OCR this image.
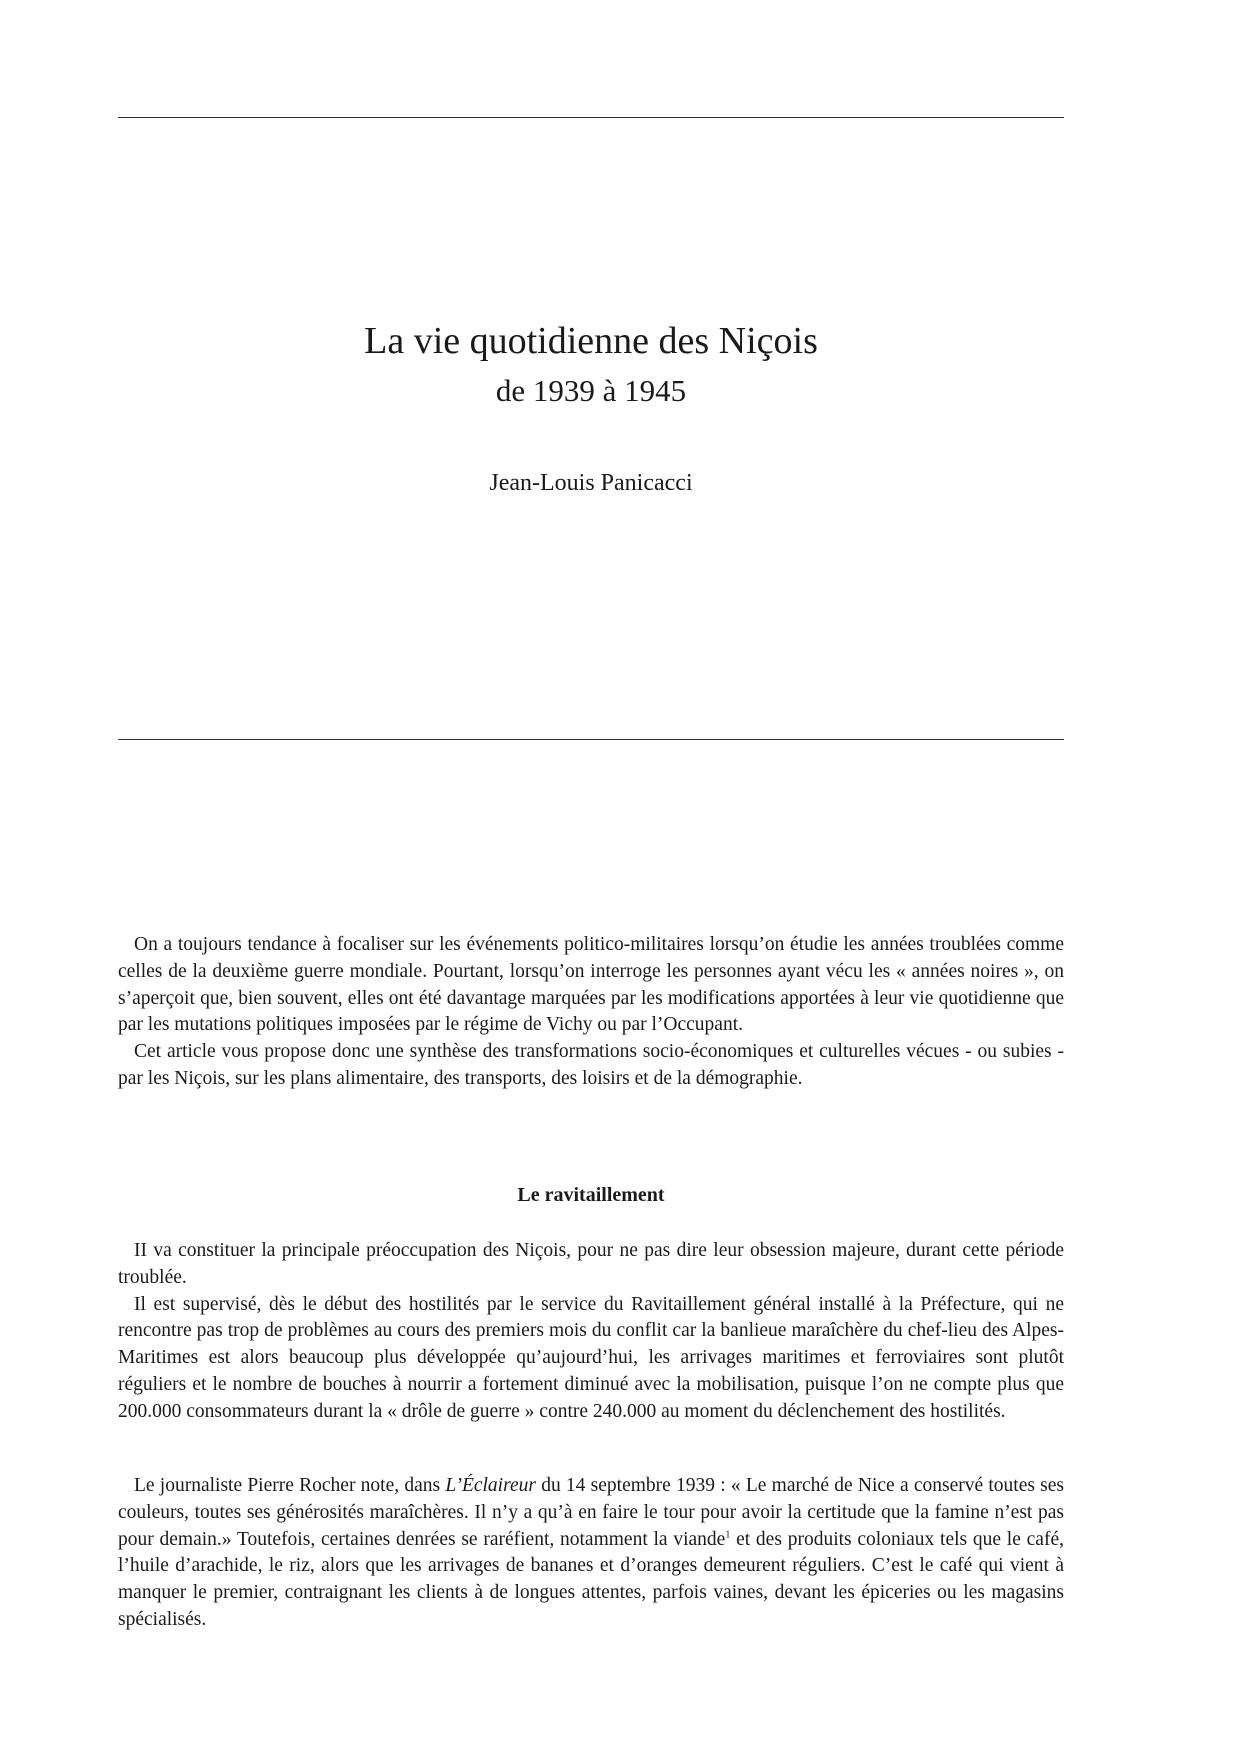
La vie quotidienne des Niçois
de 1939 à 1945
Jean-Louis Panicacci

On a toujours tendance à focaliser sur les événements politico-militaires lorsqu’on étudie les années troublées comme celles de la deuxième guerre mondiale. Pourtant, lorsqu’on interroge les personnes ayant vécu les « années noires », on s’aperçoit que, bien souvent, elles ont été davantage marquées par les modifications apportées à leur vie quotidienne que par les mutations politiques imposées par le régime de Vichy ou par l’Occupant.

Cet article vous propose donc une synthèse des transformations socio-économiques et culturelles vécues - ou subies - par les Niçois, sur les plans alimentaire, des transports, des loisirs et de la démographie.

Le ravitaillement

II va constituer la principale préoccupation des Niçois, pour ne pas dire leur obsession majeure, durant cette période troublée.

Il est supervisé, dès le début des hostilités par le service du Ravitaillement général installé à la Préfecture, qui ne rencontre pas trop de problèmes au cours des premiers mois du conflit car la banlieue maraîchère du chef-lieu des Alpes-Maritimes est alors beaucoup plus développée qu’aujourd’hui, les arrivages maritimes et ferroviaires sont plutôt réguliers et le nombre de bouches à nourrir a fortement diminué avec la mobilisation, puisque l’on ne compte plus que 200.000 consommateurs durant la « drôle de guerre » contre 240.000 au moment du déclenchement des hostilités.

Le journaliste Pierre Rocher note, dans L’Éclaireur du 14 septembre 1939 : « Le marché de Nice a conservé toutes ses couleurs, toutes ses générosités maraîchères. Il n’y a qu’à en faire le tour pour avoir la certitude que la famine n’est pas pour demain.» Toutefois, certaines denrées se raréfient, notamment la viande$^1$ et des produits coloniaux tels que le café, l’huile d’arachide, le riz, alors que les arrivages de bananes et d’oranges demeurent réguliers. C’est le café qui vient à manquer le premier, contraignant les clients à de longues attentes, parfois vaines, devant les épiceries ou les magasins spécialisés.
